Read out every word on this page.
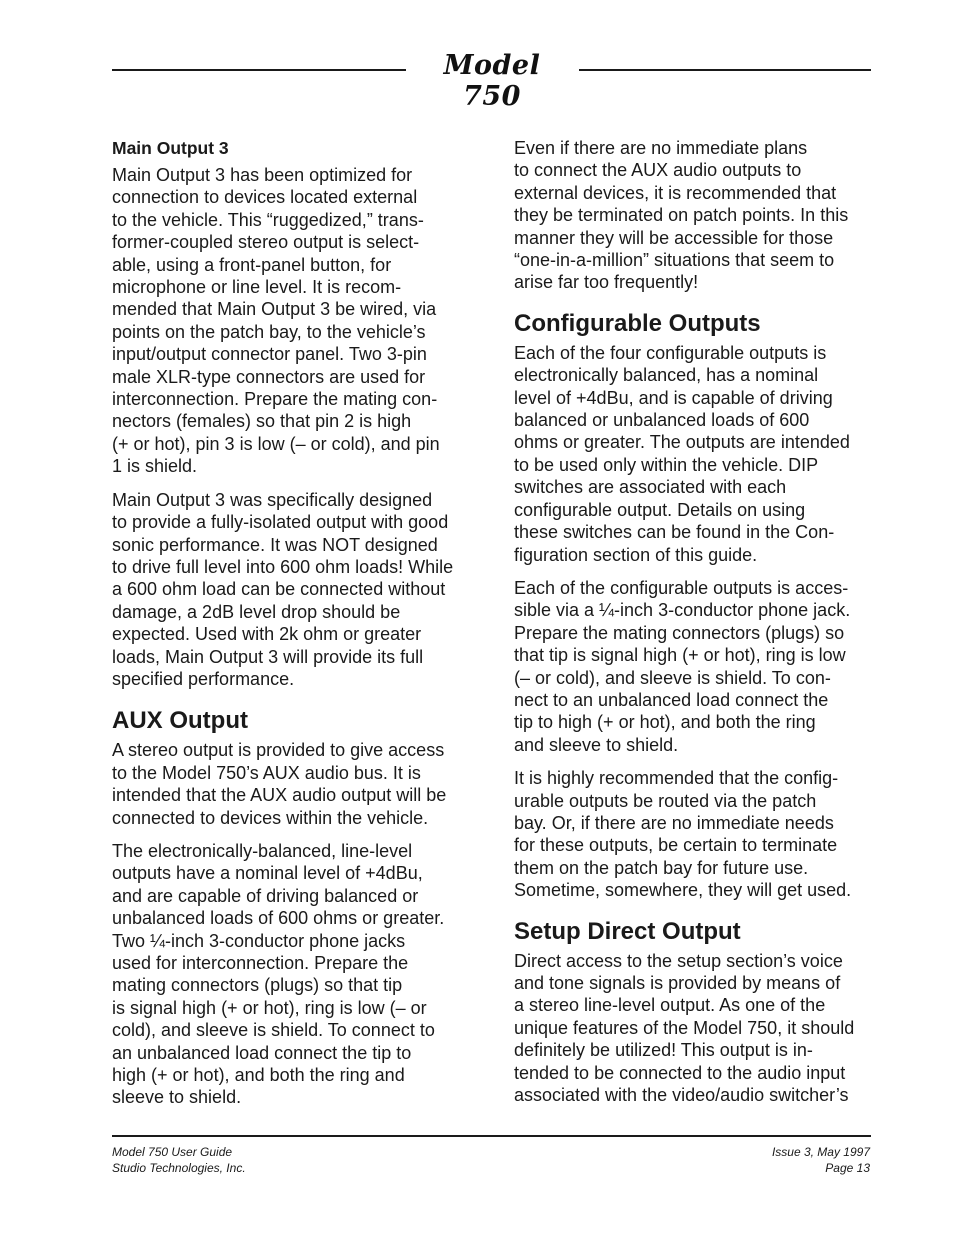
Model 750
Main Output 3

Main Output 3 has been optimized for
connection to devices located external
to the vehicle. This “ruggedized,” trans-
former-coupled stereo output is select-
able, using a front-panel button, for
microphone or line level. It is recom-
mended that Main Output 3 be wired, via
points on the patch bay, to the vehicle’s
input/output connector panel. Two 3-pin
male XLR-type connectors are used for
interconnection. Prepare the mating con-
nectors (females) so that pin 2 is high
(+ or hot), pin 3 is low (– or cold), and pin
1 is shield.

Main Output 3 was specifically designed
to provide a fully-isolated output with good
sonic performance. It was NOT designed
to drive full level into 600 ohm loads! While
a 600 ohm load can be connected without
damage, a 2dB level drop should be
expected. Used with 2k ohm or greater
loads, Main Output 3 will provide its full
specified performance.

AUX Output

A stereo output is provided to give access
to the Model 750’s AUX audio bus. It is
intended that the AUX audio output will be
connected to devices within the vehicle.

The electronically-balanced, line-level
outputs have a nominal level of +4dBu,
and are capable of driving balanced or
unbalanced loads of 600 ohms or greater.
Two ¼-inch 3-conductor phone jacks
used for interconnection. Prepare the
mating connectors (plugs) so that tip
is signal high (+ or hot), ring is low (– or
cold), and sleeve is shield. To connect to
an unbalanced load connect the tip to
high (+ or hot), and both the ring and
sleeve to shield.

Even if there are no immediate plans
to connect the AUX audio outputs to
external devices, it is recommended that
they be terminated on patch points. In this
manner they will be accessible for those
“one-in-a-million” situations that seem to
arise far too frequently!

Configurable Outputs

Each of the four configurable outputs is
electronically balanced, has a nominal
level of +4dBu, and is capable of driving
balanced or unbalanced loads of 600
ohms or greater. The outputs are intended
to be used only within the vehicle. DIP
switches are associated with each
configurable output. Details on using
these switches can be found in the Con-
figuration section of this guide.

Each of the configurable outputs is acces-
sible via a ¼-inch 3-conductor phone jack.
Prepare the mating connectors (plugs) so
that tip is signal high (+ or hot), ring is low
(– or cold), and sleeve is shield. To con-
nect to an unbalanced load connect the
tip to high (+ or hot), and both the ring
and sleeve to shield.

It is highly recommended that the config-
urable outputs be routed via the patch
bay. Or, if there are no immediate needs
for these outputs, be certain to terminate
them on the patch bay for future use.
Sometime, somewhere, they will get used.

Setup Direct Output

Direct access to the setup section’s voice
and tone signals is provided by means of
a stereo line-level output. As one of the
unique features of the Model 750, it should
definitely be utilized! This output is in-
tended to be connected to the audio input
associated with the video/audio switcher’s

Model 750 User Guide
Studio Technologies, Inc.
Issue 3, May 1997
Page 13
